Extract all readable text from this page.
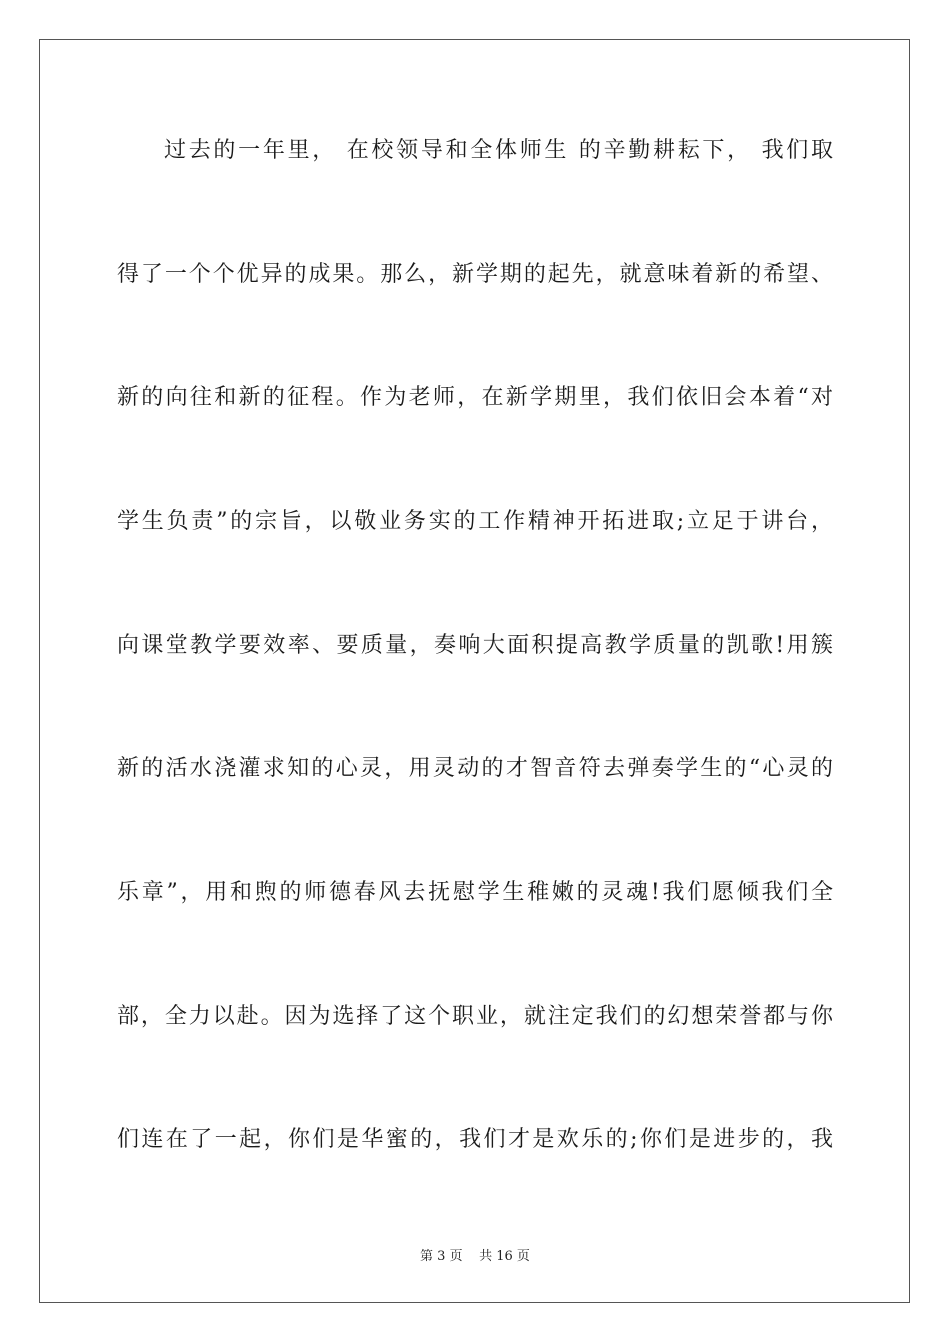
过去的一年里， 在校领导和全体师生 的辛勤耕耘下， 我们取
得了一个个优异的成果。那么，新学期的起先，就意味着新的希望、
新的向往和新的征程。作为老师，在新学期里，我们依旧会本着“对
学生负责”的宗旨，以敬业务实的工作精神开拓进取;立足于讲台，
向课堂教学要效率、要质量，奏响大面积提高教学质量的凯歌!用簇
新的活水浇灌求知的心灵，用灵动的才智音符去弹奏学生的“心灵的
乐章”，用和煦的师德春风去抚慰学生稚嫩的灵魂!我们愿倾我们全
部，全力以赴。因为选择了这个职业，就注定我们的幻想荣誉都与你
们连在了一起，你们是华蜜的，我们才是欢乐的;你们是进步的，我
第 3 页 共 16 页
